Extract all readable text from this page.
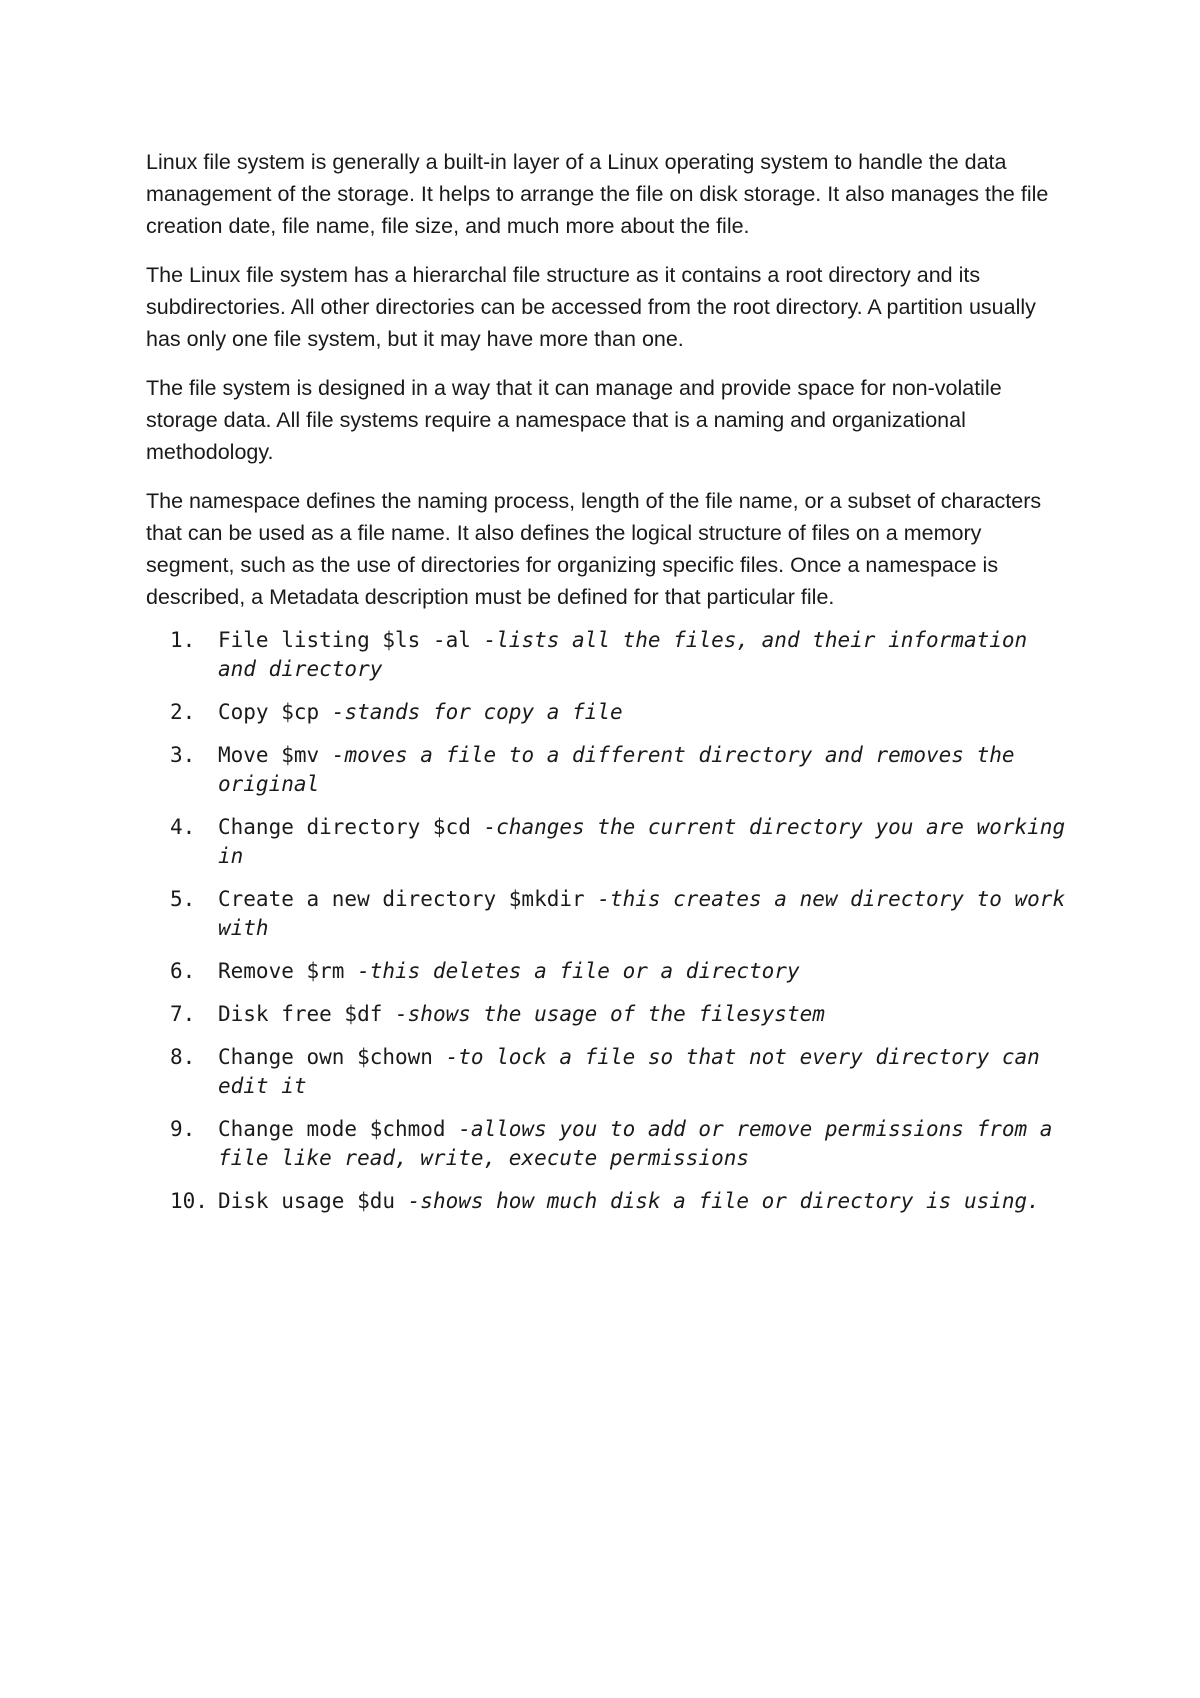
Linux file system is generally a built-in layer of a Linux operating system to handle the data management of the storage. It helps to arrange the file on disk storage. It also manages the file creation date, file name, file size, and much more about the file.

The Linux file system has a hierarchal file structure as it contains a root directory and its subdirectories. All other directories can be accessed from the root directory. A partition usually has only one file system, but it may have more than one.

The file system is designed in a way that it can manage and provide space for non-volatile storage data. All file systems require a namespace that is a naming and organizational methodology.

The namespace defines the naming process, length of the file name, or a subset of characters that can be used as a file name. It also defines the logical structure of files on a memory segment, such as the use of directories for organizing specific files. Once a namespace is described, a Metadata description must be defined for that particular file.

1. File listing $ls -al -lists all the files, and their information and directory
2. Copy $cp -stands for copy a file
3. Move $mv -moves a file to a different directory and removes the original
4. Change directory $cd -changes the current directory you are working in
5. Create a new directory $mkdir -this creates a new directory to work with
6. Remove $rm -this deletes a file or a directory
7. Disk free $df -shows the usage of the filesystem
8. Change own $chown -to lock a file so that not every directory can edit it
9. Change mode $chmod -allows you to add or remove permissions from a file like read, write, execute permissions
10. Disk usage $du -shows how much disk a file or directory is using.
